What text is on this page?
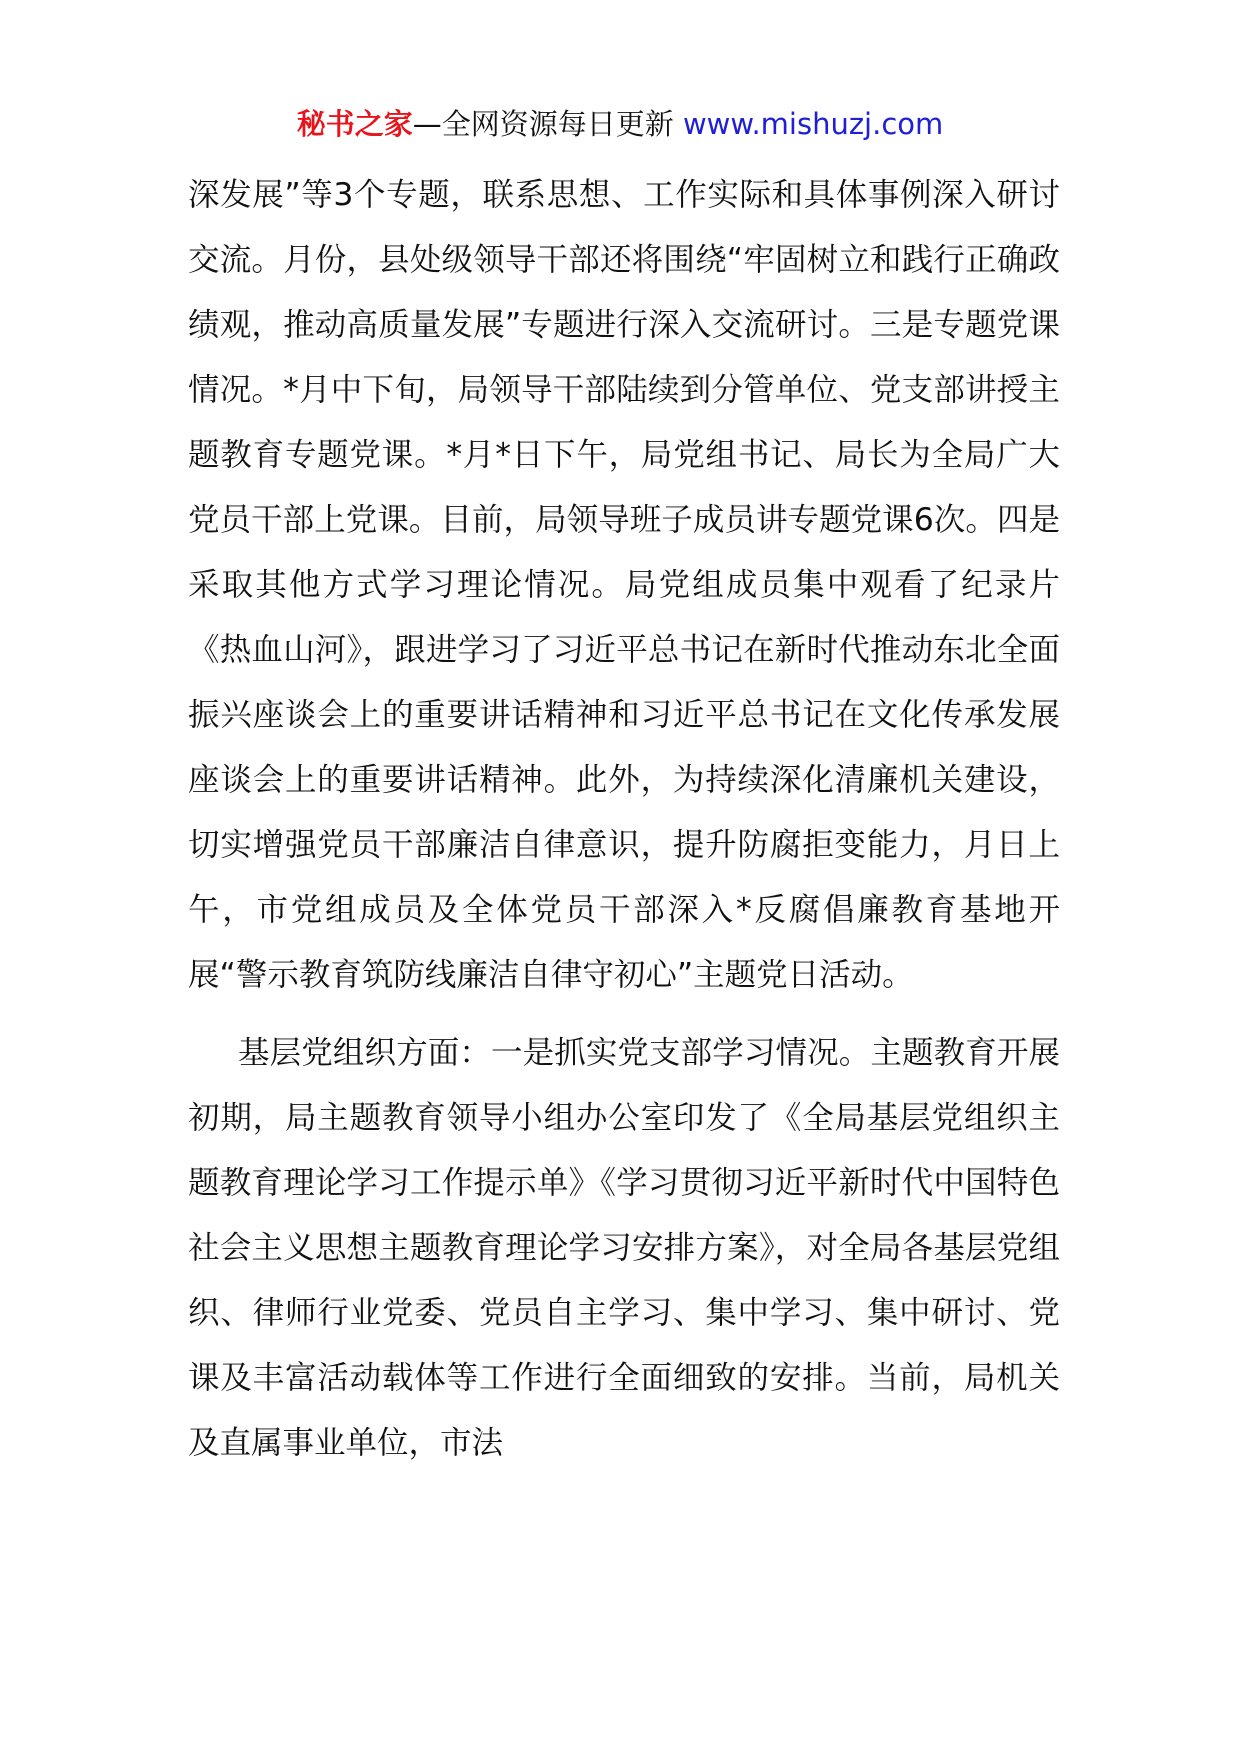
秘书之家—全网资源每日更新 www.mishuzj.com

深发展”等3个专题，联系思想、工作实际和具体事例深入研讨交流。月份，县处级领导干部还将围绕“牢固树立和践行正确政绩观，推动高质量发展”专题进行深入交流研讨。三是专题党课情况。*月中下旬，局领导干部陆续到分管单位、党支部讲授主题教育专题党课。*月*日下午，局党组书记、局长为全局广大党员干部上党课。目前，局领导班子成员讲专题党课6次。四是采取其他方式学习理论情况。局党组成员集中观看了纪录片《热血山河》，跟进学习了习近平总书记在新时代推动东北全面振兴座谈会上的重要讲话精神和习近平总书记在文化传承发展座谈会上的重要讲话精神。此外，为持续深化清廉机关建设，切实增强党员干部廉洁自律意识，提升防腐拒变能力，月日上午，市党组成员及全体党员干部深入*反腐倡廉教育基地开展“警示教育筑防线廉洁自律守初心”主题党日活动。

基层党组织方面：一是抓实党支部学习情况。主题教育开展初期，局主题教育领导小组办公室印发了《全局基层党组织主题教育理论学习工作提示单》《学习贯彻习近平新时代中国特色社会主义思想主题教育理论学习安排方案》，对全局各基层党组织、律师行业党委、党员自主学习、集中学习、集中研讨、党课及丰富活动载体等工作进行全面细致的安排。当前，局机关及直属事业单位，市法
